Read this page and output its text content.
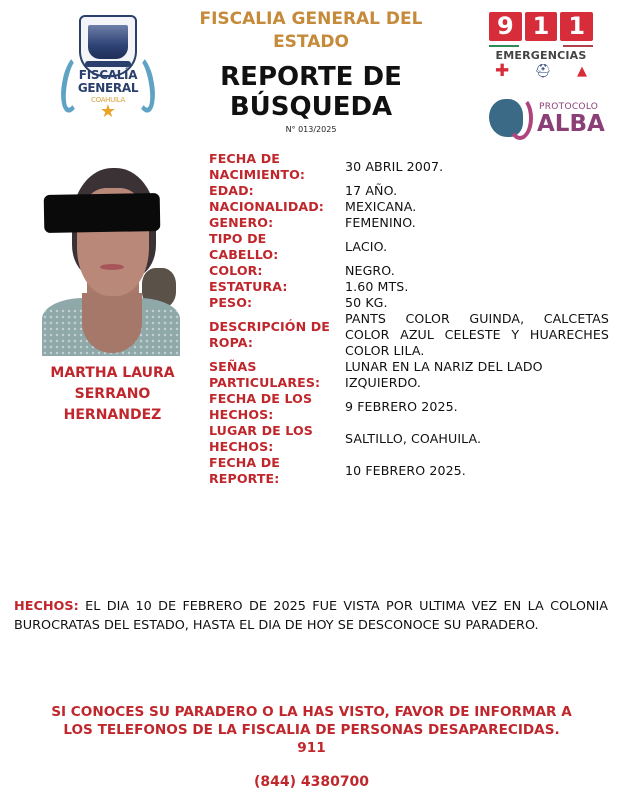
FISCALÍA
GENERAL
COAHUILA
★
FISCALIA GENERAL DEL ESTADO
REPORTE DE
BÚSQUEDA
N° 013/2025
9 1 1
EMERGENCIAS
✚ ⛑ ▲
PROTOCOLO
ALBA
MARTHA LAURA
SERRANO
HERNANDEZ
FECHA DE
NACIMIENTO:
30 ABRIL 2007.
EDAD:	17 AÑO.
NACIONALIDAD:	MEXICANA.
GENERO:	FEMENINO.
TIPO DE
CABELLO:
LACIO.
COLOR:	NEGRO.
ESTATURA:	1.60 MTS.
PESO:	50 KG.
DESCRIPCIÓN DE
ROPA:
PANTS COLOR GUINDA, CALCETAS COLOR AZUL CELESTE Y HUARECHES COLOR LILA.
SEÑAS
PARTICULARES:
LUNAR EN LA NARIZ DEL LADO IZQUIERDO.
FECHA DE LOS
HECHOS:
9 FEBRERO 2025.
LUGAR DE LOS
HECHOS:
SALTILLO, COAHUILA.
FECHA DE
REPORTE:
10 FEBRERO 2025.
HECHOS: EL DIA 10 DE FEBRERO DE 2025 FUE VISTA POR ULTIMA VEZ EN LA COLONIA BUROCRATAS DEL ESTADO, HASTA EL DIA DE HOY SE DESCONOCE SU PARADERO.
SI CONOCES SU PARADERO O LA HAS VISTO, FAVOR DE INFORMAR A
LOS TELEFONOS DE LA FISCALIA DE PERSONAS DESAPARECIDAS.
911
(844) 4380700
